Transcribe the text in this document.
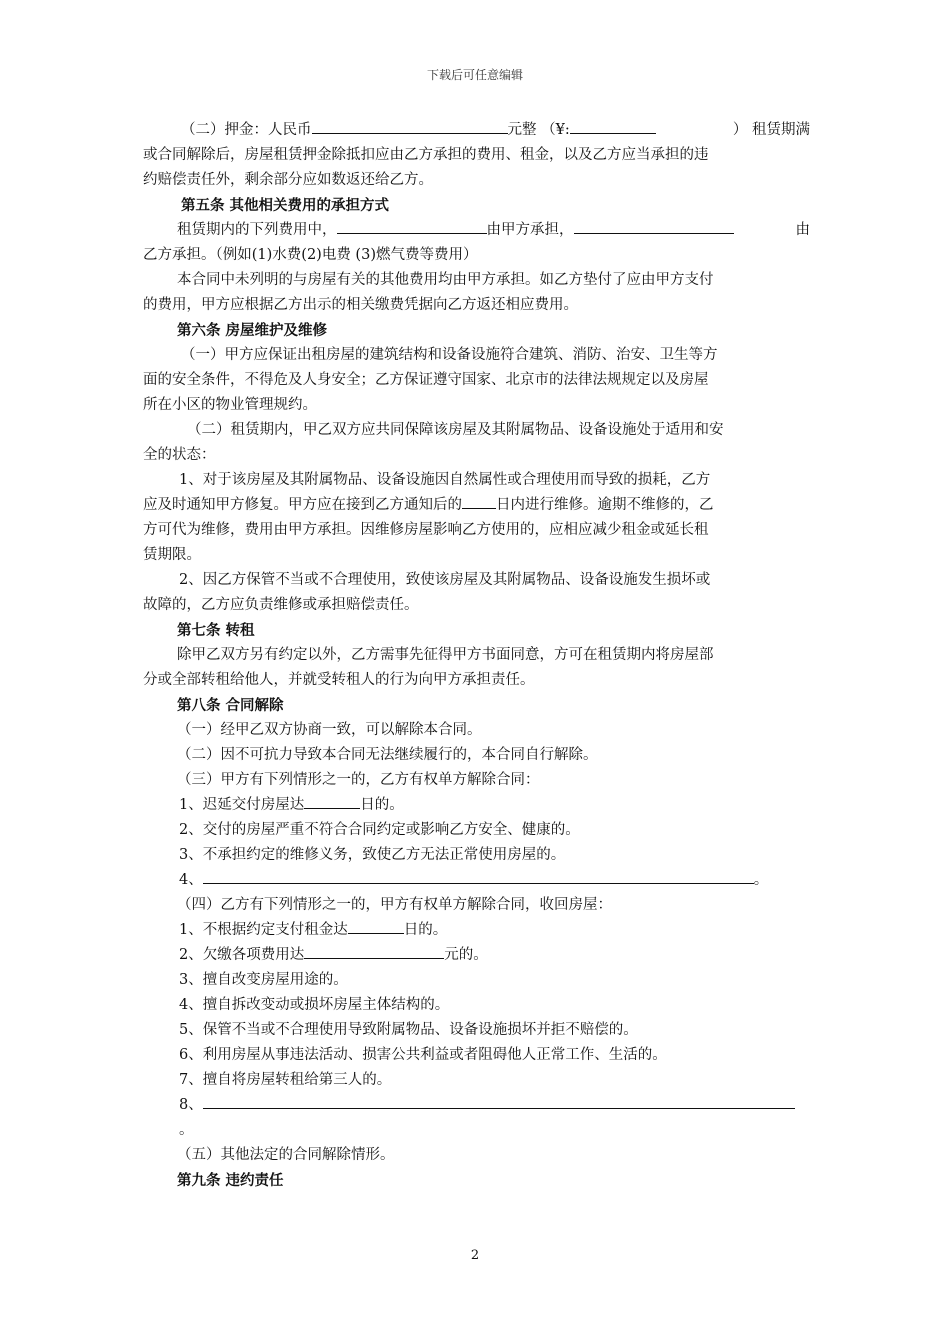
下载后可任意编辑
（二）押金：人民币	元整 （¥:	） 租赁期满
或合同解除后，房屋租赁押金除抵扣应由乙方承担的费用、租金，以及乙方应当承担的违
约赔偿责任外，剩余部分应如数返还给乙方。
第五条 其他相关费用的承担方式
租赁期内的下列费用中，	由甲方承担，	由
乙方承担。（例如(1)水费(2)电费 (3)燃气费等费用）
本合同中未列明的与房屋有关的其他费用均由甲方承担。如乙方垫付了应由甲方支付
的费用，甲方应根据乙方出示的相关缴费凭据向乙方返还相应费用。
第六条 房屋维护及维修
（一）甲方应保证出租房屋的建筑结构和设备设施符合建筑、消防、治安、卫生等方
面的安全条件，不得危及人身安全；乙方保证遵守国家、北京市的法律法规规定以及房屋
所在小区的物业管理规约。
（二）租赁期内，甲乙双方应共同保障该房屋及其附属物品、设备设施处于适用和安
全的状态：
1、对于该房屋及其附属物品、设备设施因自然属性或合理使用而导致的损耗，乙方
应及时通知甲方修复。甲方应在接到乙方通知后的 日内进行维修。逾期不维修的，乙
方可代为维修，费用由甲方承担。因维修房屋影响乙方使用的，应相应减少租金或延长租
赁期限。
2、因乙方保管不当或不合理使用，致使该房屋及其附属物品、设备设施发生损坏或
故障的，乙方应负责维修或承担赔偿责任。
第七条 转租
除甲乙双方另有约定以外，乙方需事先征得甲方书面同意，方可在租赁期内将房屋部
分或全部转租给他人，并就受转租人的行为向甲方承担责任。
第八条 合同解除
（一）经甲乙双方协商一致，可以解除本合同。
（二）因不可抗力导致本合同无法继续履行的，本合同自行解除。
（三）甲方有下列情形之一的，乙方有权单方解除合同：
1、迟延交付房屋达	日的。
2、交付的房屋严重不符合合同约定或影响乙方安全、健康的。
3、不承担约定的维修义务，致使乙方无法正常使用房屋的。
4、	。
（四）乙方有下列情形之一的，甲方有权单方解除合同，收回房屋：
1、不根据约定支付租金达	日的。
2、欠缴各项费用达	元的。
3、擅自改变房屋用途的。
4、擅自拆改变动或损坏房屋主体结构的。
5、保管不当或不合理使用导致附属物品、设备设施损坏并拒不赔偿的。
6、利用房屋从事违法活动、损害公共利益或者阻碍他人正常工作、生活的。
7、擅自将房屋转租给第三人的。
8、
。
（五）其他法定的合同解除情形。
第九条 违约责任
2
